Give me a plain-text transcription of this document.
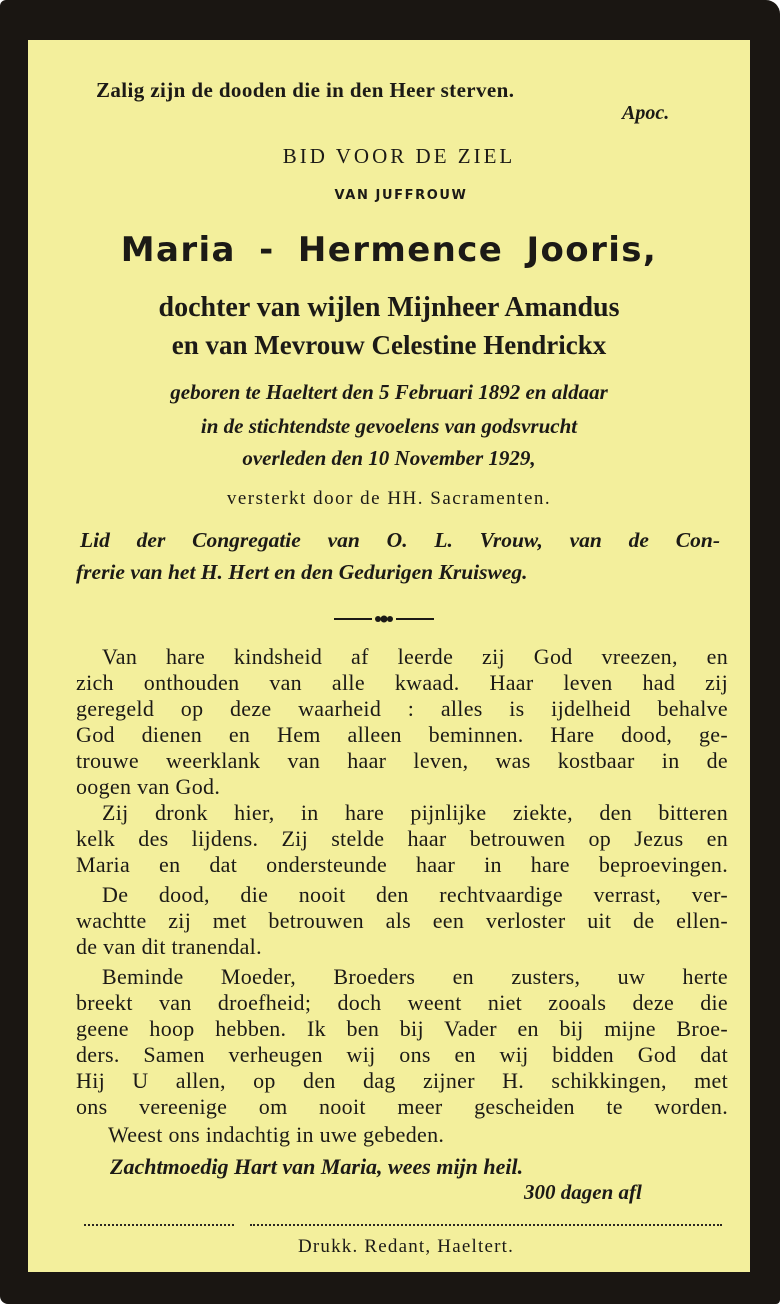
Zalig zijn de dooden die in den Heer sterven.
Apoc.
BID VOOR DE ZIEL
VAN JUFFROUW
Maria - Hermence Jooris,
dochter van wijlen Mijnheer Amandus
en van Mevrouw Celestine Hendrickx
geboren te Haeltert den 5 Februari 1892 en aldaar
in de stichtendste gevoelens van godsvrucht
overleden den 10 November 1929,
versterkt door de HH. Sacramenten.
Lid der Congregatie van O. L. Vrouw, van de Con-
frerie van het H. Hert en den Gedurigen Kruisweg.
Van hare kindsheid af leerde zij God vreezen, en
zich onthouden van alle kwaad. Haar leven had zij
geregeld op deze waarheid : alles is ijdelheid behalve
God dienen en Hem alleen beminnen. Hare dood, ge-
trouwe weerklank van haar leven, was kostbaar in de
oogen van God.
Zij dronk hier, in hare pijnlijke ziekte, den bitteren
kelk des lijdens. Zij stelde haar betrouwen op Jezus en
Maria en dat ondersteunde haar in hare beproevingen.
De dood, die nooit den rechtvaardige verrast, ver-
wachtte zij met betrouwen als een verloster uit de ellen-
de van dit tranendal.
Beminde Moeder, Broeders en zusters, uw herte
breekt van droefheid; doch weent niet zooals deze die
geene hoop hebben. Ik ben bij Vader en bij mijne Broe-
ders. Samen verheugen wij ons en wij bidden God dat
Hij U allen, op den dag zijner H. schikkingen, met
ons vereenige om nooit meer gescheiden te worden.
Weest ons indachtig in uwe gebeden.
Zachtmoedig Hart van Maria, wees mijn heil.
300 dagen afl
Drukk. Redant, Haeltert.
